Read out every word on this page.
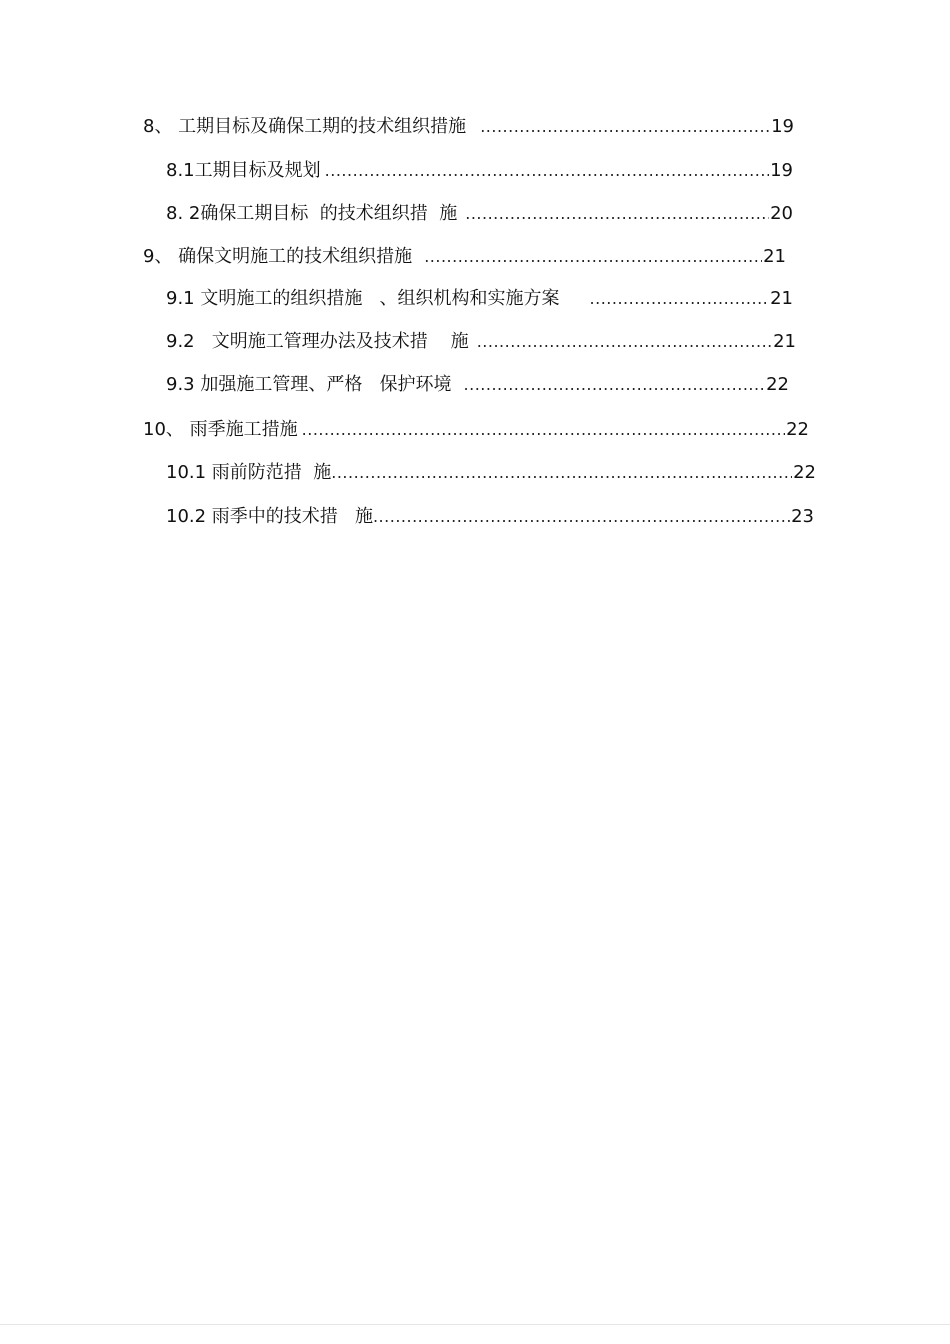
8、 工期目标及确保工期的技术组织措施 .....	19
8.1工期目标及规划 .....	19
8. 2确保工期目标  的技术组织措  施 .....	20
9、 确保文明施工的技术组织措施 .....	21
9.1 文明施工的组织措施   、组织机构和实施方案 .....	21
9.2   文明施工管理办法及技术措    施 .....	21
9.3 加强施工管理、严格   保护环境 .....	22
10、 雨季施工措施 .....	22
10.1 雨前防范措  施 .....	22
10.2 雨季中的技术措   施 .....	23
